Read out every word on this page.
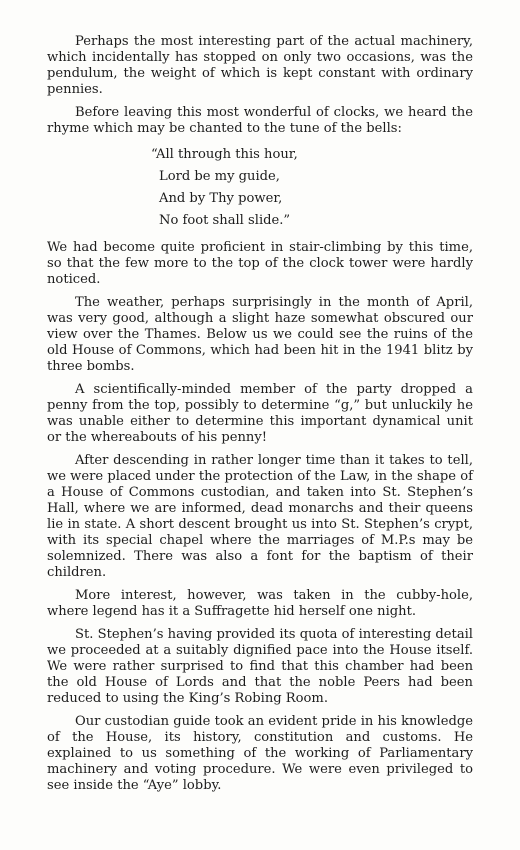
Perhaps the most interesting part of the actual machinery, which incidentally has stopped on only two occasions, was the pendulum, the weight of which is kept constant with ordinary pennies.

Before leaving this most wonderful of clocks, we heard the rhyme which may be chanted to the tune of the bells:

“All through this hour,
Lord be my guide,
And by Thy power,
No foot shall slide.”

We had become quite proficient in stair-climbing by this time, so that the few more to the top of the clock tower were hardly noticed.

The weather, perhaps surprisingly in the month of April, was very good, although a slight haze somewhat obscured our view over the Thames. Below us we could see the ruins of the old House of Commons, which had been hit in the 1941 blitz by three bombs.

A scientifically-minded member of the party dropped a penny from the top, possibly to determine “g,” but unluckily he was unable either to determine this important dynamical unit or the whereabouts of his penny!

After descending in rather longer time than it takes to tell, we were placed under the protection of the Law, in the shape of a House of Commons custodian, and taken into St. Stephen’s Hall, where we are informed, dead monarchs and their queens lie in state. A short descent brought us into St. Stephen’s crypt, with its special chapel where the marriages of M.P.s may be solemnized. There was also a font for the baptism of their children.

More interest, however, was taken in the cubby-hole, where legend has it a Suffragette hid herself one night.

St. Stephen’s having provided its quota of interesting detail we proceeded at a suitably dignified pace into the House itself. We were rather surprised to find that this chamber had been the old House of Lords and that the noble Peers had been reduced to using the King’s Robing Room.

Our custodian guide took an evident pride in his knowledge of the House, its history, constitution and customs. He explained to us something of the working of Parliamentary machinery and voting procedure. We were even privileged to see inside the “Aye” lobby.
